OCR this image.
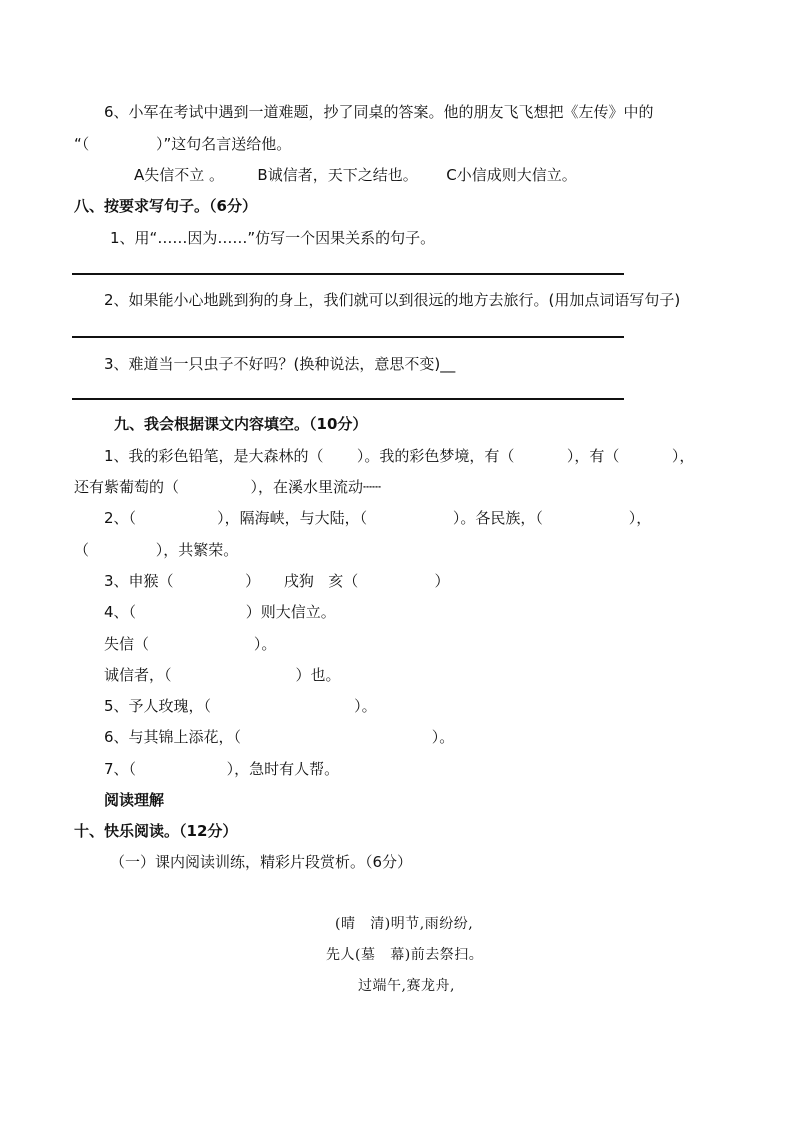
6、小军在考试中遇到一道难题，抄了同桌的答案。他的朋友飞飞想把《左传》中的
“（              ）”这句名言送给他。
A失信不立 。       B诚信者，天下之结也。      C小信成则大信立。
八、按要求写句子。（6分）
1、用“……因为……”仿写一个因果关系的句子。
2、如果能小心地跳到狗的身上，我们就可以到很远的地方去旅行。(用加点词语写句子)
3、难道当一只虫子不好吗？(换种说法，意思不变)__
九、我会根据课文内容填空。（10分）
1、我的彩色铅笔，是大森林的（       ）。我的彩色梦境，有（           ），有（           ），
还有紫葡萄的（               ），在溪水里流动┄┄
2、（                 ），隔海峡，与大陆，（                  ）。各民族，（                  ），
（              ），共繁荣。
3、申猴（               ）     戌狗   亥（                ）
4、（                       ）则大信立。
失信（                      ）。
诚信者，（                          ）也。
5、予人玫瑰，（                              ）。
6、与其锦上添花，（                                        ）。
7、（                   ），急时有人帮。
阅读理解
十、快乐阅读。（12分）
（一）课内阅读训练，精彩片段赏析。（6分）
(晴   清)明节,雨纷纷,
先人(墓   幕)前去祭扫。
过端午,赛龙舟,
